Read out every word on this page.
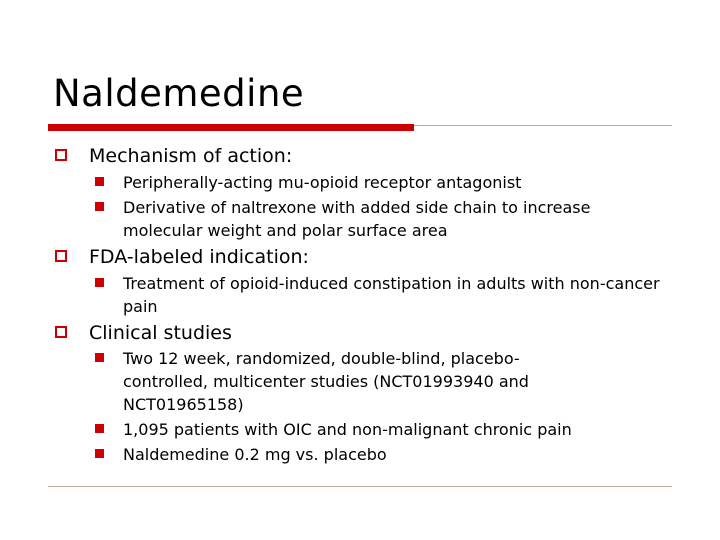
Naldemedine
Mechanism of action:
Peripherally-acting mu-opioid receptor antagonist
Derivative of naltrexone with added side chain to increase molecular weight and polar surface area
FDA-labeled indication:
Treatment of opioid-induced constipation in adults with non-cancer pain
Clinical studies
Two 12 week, randomized, double-blind, placebo-controlled, multicenter studies (NCT01993940 and NCT01965158)
1,095 patients with OIC and non-malignant chronic pain
Naldemedine 0.2 mg vs. placebo
